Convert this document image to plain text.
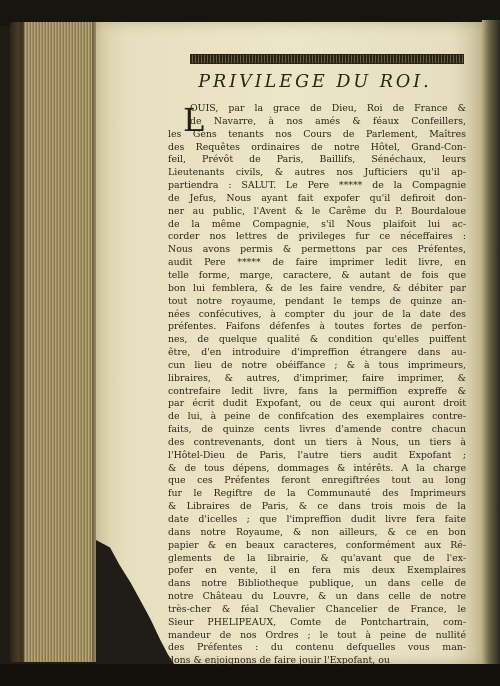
PRIVILEGE DU ROI.
L
OUIS, par la grace de Dieu, Roi de France &
de Navarre, à nos amés & féaux Confeillers,
les Gens tenants nos Cours de Parlement, Maîtres
des Requêtes ordinaires de notre Hôtel, Grand-Con-
feil, Prévôt de Paris, Baillifs, Sénéchaux, leurs
Lieutenants civils, & autres nos Jufticiers qu'il ap-
partiendra : SALUT. Le Pere ***** de la Compagnie
de Jefus, Nous ayant fait expofer qu'il defiroit don-
ner au public, l'Avent & le Carême du P. Bourdaloue
de la même Compagnie, s'il Nous plaifoit lui ac-
corder nos lettres de privileges fur ce néceffaires :
Nous avons permis & permettons par ces Préfentes,
audit Pere ***** de faire imprimer ledit livre, en
telle forme, marge, caractere, & autant de fois que
bon lui femblera, & de les faire vendre, & débiter par
tout notre royaume, pendant le temps de quinze an-
nées confécutives, à compter du jour de la date des
préfentes. Faifons défenfes à toutes fortes de perfon-
nes, de quelque qualité & condition qu'elles puiffent
être, d'en introduire d'impreffion étrangere dans au-
cun lieu de notre obéiffance ; & à tous imprimeurs,
libraires, & autres, d'imprimer, faire imprimer, &
contrefaire ledit livre, fans la permiffion expreffe &
par écrit dudit Expofant, ou de ceux qui auront droit
de lui, à peine de confifcation des exemplaires contre-
faits, de quinze cents livres d'amende contre chacun
des contrevenants, dont un tiers à Nous, un tiers à
l'Hôtel-Dieu de Paris, l'autre tiers audit Expofant ;
& de tous dépens, dommages & intérêts. A la charge
que ces Préfentes feront enregiftrées tout au long
fur le Regiftre de la Communauté des Imprimeurs
& Libraires de Paris, & ce dans trois mois de la
date d'icelles ; que l'impreffion dudit livre fera faite
dans notre Royaume, & non ailleurs, & ce en bon
papier & en beaux caracteres, conformément aux Ré-
glements de la librairie, & qu'avant que de l'ex-
pofer en vente, il en fera mis deux Exemplaires
dans notre Bibliotheque publique, un dans celle de
notre Château du Louvre, & un dans celle de notre
très-cher & féal Chevalier Chancelier de France, le
Sieur PHELIPEAUX, Comte de Pontchartrain, com-
mandeur de nos Ordres ; le tout à peine de nullité
des Préfentes : du contenu defquelles vous man-
dons & enjoignons de faire jouir l'Expofant, ou
